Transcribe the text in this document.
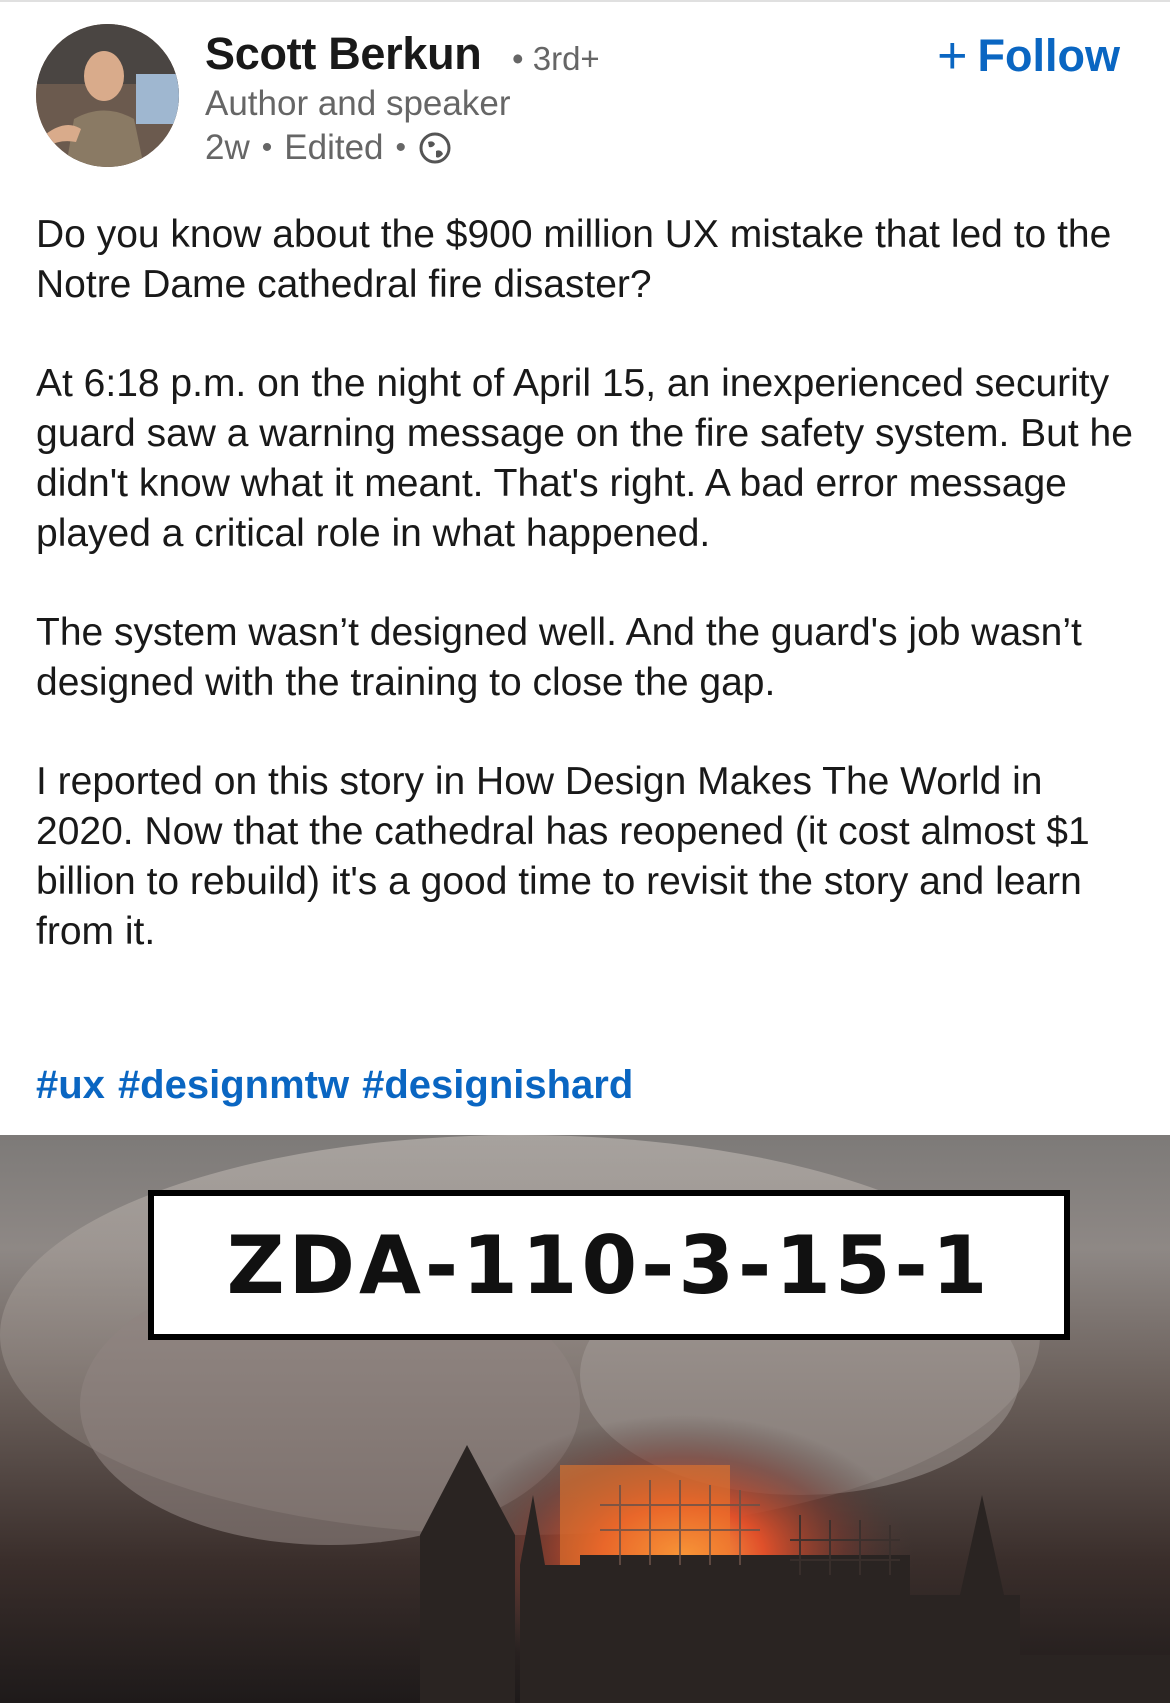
Scott Berkun • 3rd+
Author and speaker
2w • Edited •
+ Follow

Do you know about the $900 million UX mistake that led to the Notre Dame cathedral fire disaster?

At 6:18 p.m. on the night of April 15, an inexperienced security guard saw a warning message on the fire safety system. But he didn't know what it meant. That's right. A bad error message played a critical role in what happened.

The system wasn’t designed well. And the guard's job wasn’t designed with the training to close the gap.

I reported on this story in How Design Makes The World in 2020. Now that the cathedral has reopened (it cost almost $1 billion to rebuild) it's a good time to revisit the story and learn from it.

#ux #designmtw #designishard
ZDA-110-3-15-1
